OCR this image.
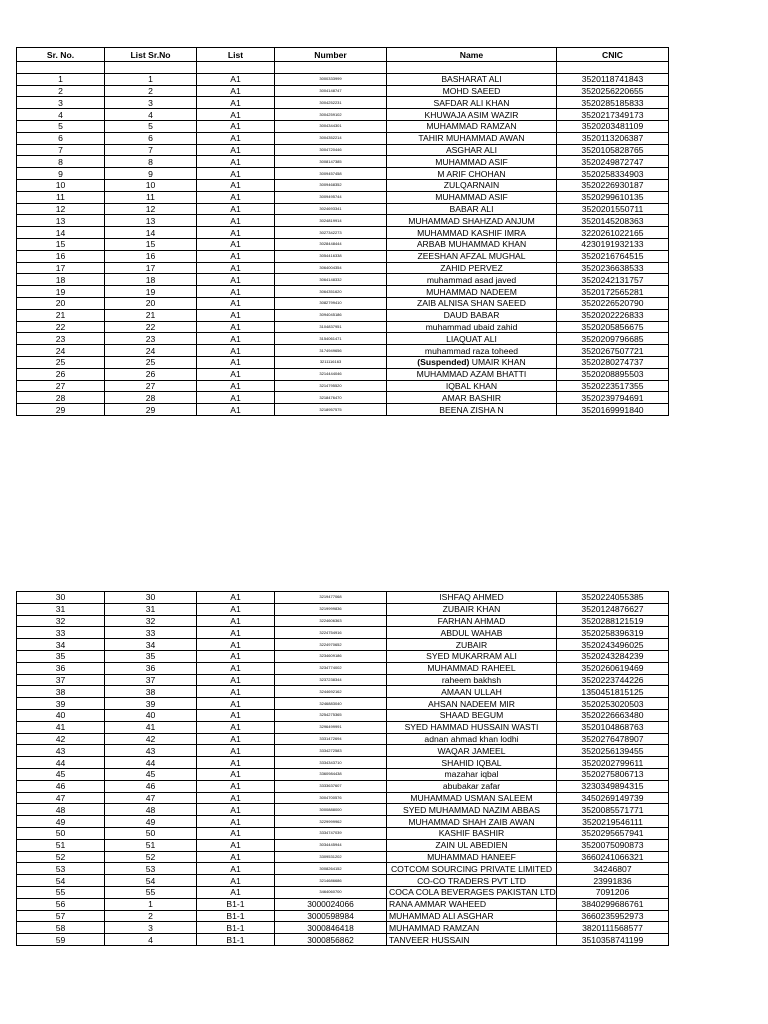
Sr. No.	List Sr.No	List	Number	Name	CNIC

1	1	A1	3000333999	BASHARAT ALI	3520118741843
2	2	A1	3004148747	MOHD SAEED	3520256220655
3	3	A1	3004252231	SAFDAR ALI KHAN	3520285185833
4	4	A1	3004259102	KHUWAJA ASIM WAZIR	3520217349173
5	5	A1	3004344301	MUHAMMAD RAMZAN	3520203481109
6	6	A1	3004352214	TAHIR MUHAMMAD AWAN	3520113206387
7	7	A1	3004720446	ASGHAR ALI	3520105828765
8	8	A1	3008147385	MUHAMMAD ASIF	3520249872747
9	9	A1	3009457458	M ARIF CHOHAN	3520258334903
10	10	A1	3009468352	ZULQARNAIN	3520226930187
11	11	A1	3009495744	MUHAMMAD ASIF	3520299610135
12	12	A1	3024693341	BABAR ALI	3520201550711
13	13	A1	3024819914	MUHAMMAD SHAHZAD ANJUM	3520145208363
14	14	A1	3027342273	MUHAMMAD KASHIF IMRA	3220261022165
15	15	A1	3028448444	ARBAB MUHAMMAD KHAN	4230191932133
16	16	A1	3054416338	ZEESHAN AFZAL MUGHAL	3520216764515
17	17	A1	3064004354	ZAHID PERVEZ	3520236638533
18	18	A1	3064148332	muhammad asad javed	3520242131757
19	19	A1	3064351620	MUHAMMAD NADEEM	3520172565281
20	20	A1	3082799410	ZAIB ALNISA SHAN SAEED	3520226520790
21	21	A1	3094045186	DAUD BABAR	3520202226833
22	22	A1	3104837951	muhammad ubaid zahid	3520205856675
23	23	A1	3154061471	LIAQUAT ALI	3520209796685
24	24	A1	3174949656	muhammad raza toheed	3520267507721
25	25	A1	3211116163	(Suspended) UMAIR KHAN	3520280274737
26	26	A1	3214444046	MUHAMMAD AZAM BHATTI	3520208895503
27	27	A1	3214795520	IQBAL KHAN	3520223517355
28	28	A1	3218476470	AMAR BASHIR	3520239794691
29	29	A1	3218957575	BEENA ZISHA N	3520169991840
30	30	A1	3219477068	ISHFAQ AHMED	3520224055385
31	31	A1	3219999836	ZUBAIR KHAN	3520124876627
32	32	A1	3224606363	FARHAN AHMAD	3520288121519
33	33	A1	3224754916	ABDUL WAHAB	3520258396319
34	34	A1	3224970652	ZUBAIR	3520243496025
35	35	A1	3234609186	SYED MUKARRAM ALI	3520243284239
36	36	A1	3234774002	MUHAMMAD RAHEEL	3520260619469
37	37	A1	3237238344	raheem bakhsh	3520223744226
38	38	A1	3244692162	AMAAN ULLAH	1350451815125
39	39	A1	3246883040	AHSAN NADEEM MIR	3520253020503
40	40	A1	3254275365	SHAAD BEGUM	3520226663480
41	41	A1	3296499991	SYED HAMMAD HUSSAIN WASTI	3520104868763
42	42	A1	3331472694	adnan ahmad khan lodhi	3520276478907
43	43	A1	3334272583	WAQAR JAMEEL	3520256139455
44	44	A1	3334343710	SHAHID IQBAL	3520202799611
45	45	A1	3360984438	mazahar iqbal	3520275806713
46	46	A1	3333637607	abubakar zafar	3230349894315
47	47	A1	3004700576	MUHAMMAD USMAN SALEEM	3450269149739
48	48	A1	3000888000	SYED MUHAMMAD NAZIM ABBAS	3520085571771
49	49	A1	3229999962	MUHAMMAD SHAH ZAIB AWAN	3520219546111
50	50	A1	3334747039	KASHIF BASHIR	3520295657941
51	51	A1	3034445944	ZAIN UL ABEDIEN	3520075090873
52	52	A1	3309531202	MUHAMMAD HANEEF	3660241066321
53	53	A1	3008264152	COTCOM SOURCING PRIVATE LIMITED	34246807
54	54	A1	3214686686	CO-CO TRADERS PVT LTD	23991836
55	55	A1	3464060700	COCA COLA BEVERAGES PAKISTAN LTD	7091206
56	1	B1-1	3000024066	RANA AMMAR WAHEED	3840299686761
57	2	B1-1	3000598984	MUHAMMAD ALI ASGHAR	3660235952973
58	3	B1-1	3000846418	MUHAMMAD RAMZAN	3820111568577
59	4	B1-1	3000856862	TANVEER HUSSAIN	3510358741199
